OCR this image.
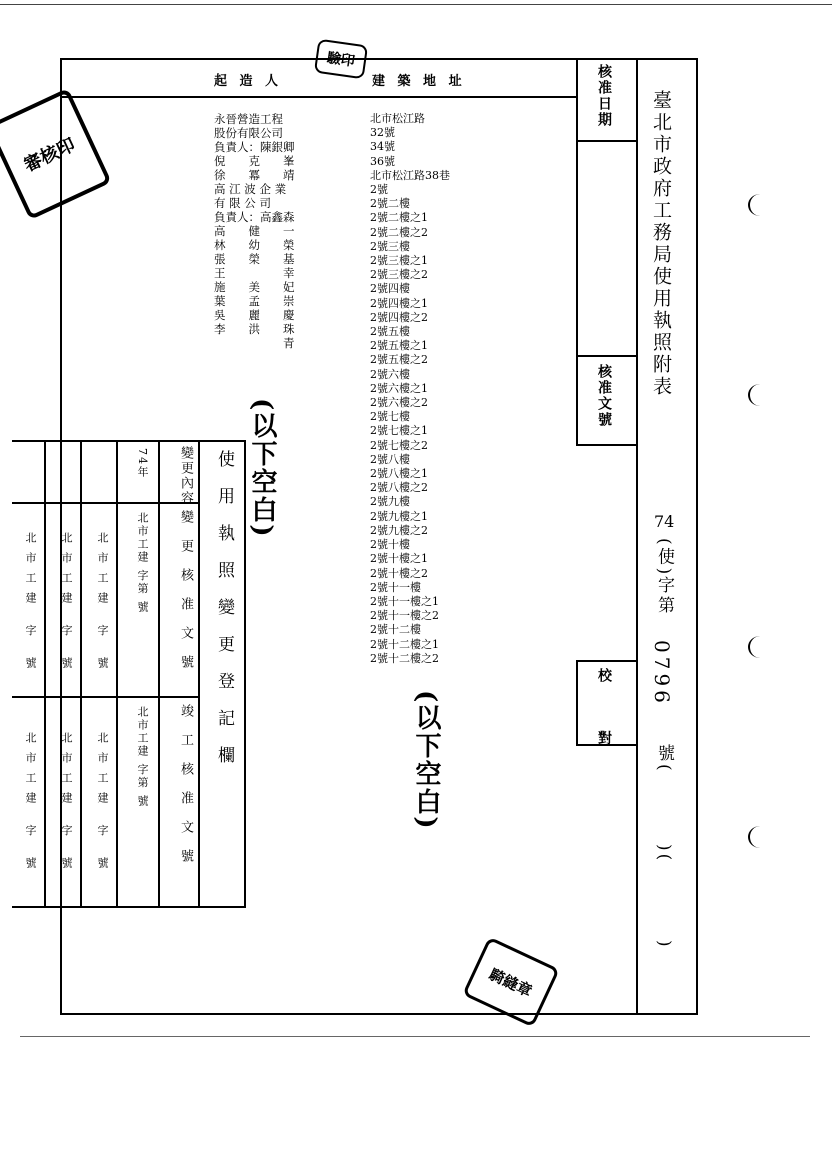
驗印
審核印
騎縫章
起 造 人	建 築 地 址	核准日期
核准文號
校 對
臺北市政府工務局使用執照附表
74
(使)
字第
0796
號(
)(
)
永晉營造工程
股份有限公司
負責人：陳銀卿
倪　　克　　峯
徐　　冪　　靖
高 江 波 企 業
有 限 公 司
負責人：高鑫森
高　　健　　一
林　　幼　　榮
張　　榮　　基
王　　　　　幸
施　　美　　妃
葉　　孟　　崇
吳　　麗　　慶
李　　洪　　珠
　　　　　　青
北市松江路
32號
34號
36號
北市松江路38巷
2號
2號二樓
2號二樓之1
2號二樓之2
2號三樓
2號三樓之1
2號三樓之2
2號四樓
2號四樓之1
2號四樓之2
2號五樓
2號五樓之1
2號五樓之2
2號六樓
2號六樓之1
2號六樓之2
2號七樓
2號七樓之1
2號七樓之2
2號八樓
2號八樓之1
2號八樓之2
2號九樓
2號九樓之1
2號九樓之2
2號十樓
2號十樓之1
2號十樓之2
2號十一樓
2號十一樓之1
2號十一樓之2
2號十二樓
2號十二樓之1
2號十二樓之2
(以下空白)
(以下空白)
使用執照變更登記欄
變更內容
變更核准文號
竣工核准文號
74年
北市工建 字第 號
北市工建 字第 號
北市工建 字 號
北市工建 字 號
北市工建 字 號
北市工建 字 號
北市工建 字 號
北市工建 字 號
